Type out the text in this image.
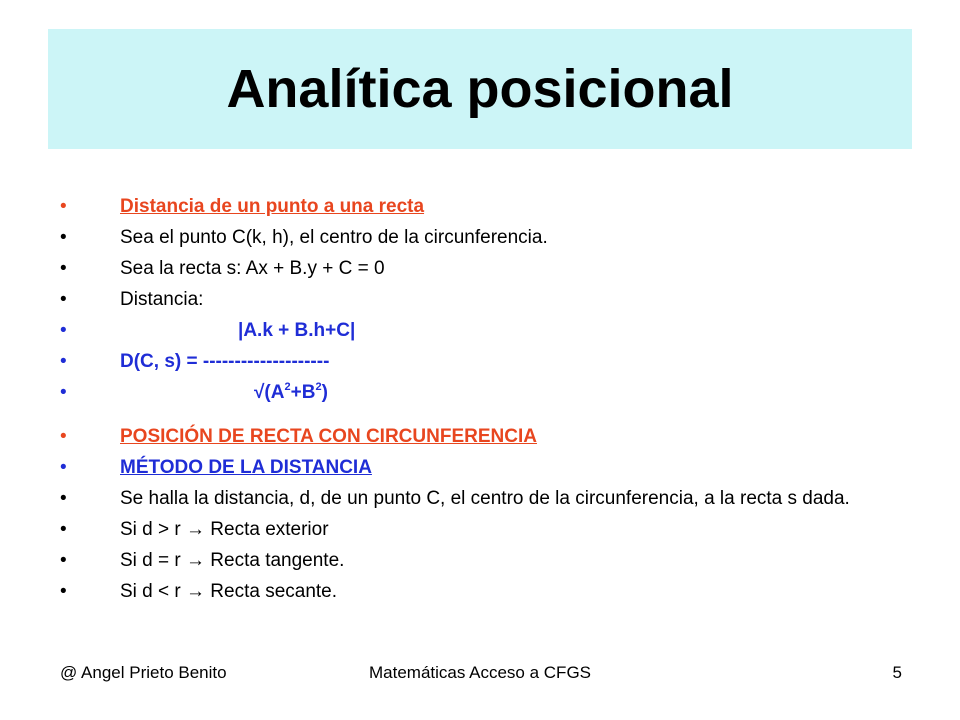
Analítica posicional
•	Distancia de un punto a una recta
•	Sea el punto C(k, h), el centro de la circunferencia.
•	Sea la recta s: Ax + B.y + C = 0
•	Distancia:
•	|A.k + B.h+C|
•	D(C, s) = --------------------
•	$√(A^2+B^2)$
•	POSICIÓN DE RECTA CON CIRCUNFERENCIA
•	MÉTODO DE LA DISTANCIA
•	Se halla la distancia, d, de un punto C, el centro de la circunferencia, a la recta s dada.
•	Si d > r → Recta exterior
•	Si d = r → Recta tangente.
•	Si d < r → Recta secante.
@ Angel Prieto Benito	Matemáticas Acceso a CFGS	5
